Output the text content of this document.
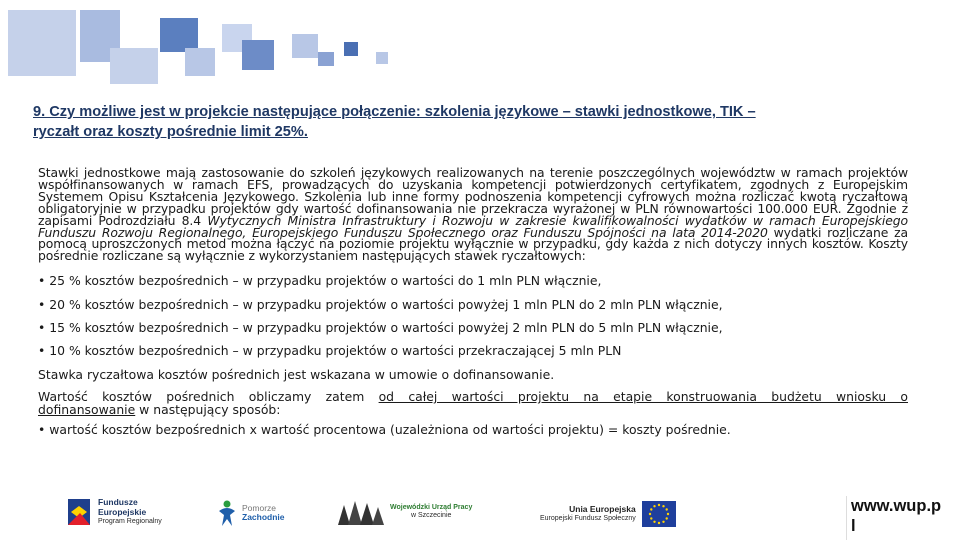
9. Czy możliwe jest w projekcie następujące połączenie: szkolenia językowe – stawki jednostkowe, TIK –
ryczałt oraz koszty pośrednie limit 25%.

Stawki jednostkowe mają zastosowanie do szkoleń językowych realizowanych na terenie poszczególnych województw w ramach projektów współfinansowanych w ramach EFS, prowadzących do uzyskania kompetencji potwierdzonych certyfikatem, zgodnych z Europejskim Systemem Opisu Kształcenia Językowego. Szkolenia lub inne formy podnoszenia kompetencji cyfrowych można rozliczać kwotą ryczałtową obligatoryjnie w przypadku projektów gdy wartość dofinansowania nie przekracza wyrażonej w PLN równowartości 100.000 EUR. Zgodnie z zapisami Podrozdziału 8.4 Wytycznych Ministra Infrastruktury i Rozwoju w zakresie kwalifikowalności wydatków w ramach Europejskiego Funduszu Rozwoju Regionalnego, Europejskiego Funduszu Społecznego oraz Funduszu Spójności na lata 2014-2020 wydatki rozliczane za pomocą uproszczonych metod można łączyć na poziomie projektu wyłącznie w przypadku, gdy każda z nich dotyczy innych kosztów. Koszty pośrednie rozliczane są wyłącznie z wykorzystaniem następujących stawek ryczałtowych:

• 25 % kosztów bezpośrednich – w przypadku projektów o wartości do 1 mln PLN włącznie,
• 20 % kosztów bezpośrednich – w przypadku projektów o wartości powyżej 1 mln PLN do 2 mln PLN włącznie,
• 15 % kosztów bezpośrednich – w przypadku projektów o wartości powyżej 2 mln PLN do 5 mln PLN włącznie,
• 10 % kosztów bezpośrednich – w przypadku projektów o wartości przekraczającej 5 mln PLN
Stawka ryczałtowa kosztów pośrednich jest wskazana w umowie o dofinansowanie.
Wartość kosztów pośrednich obliczamy zatem od całej wartości projektu na etapie konstruowania budżetu wniosku o
dofinansowanie w następujący sposób:
• wartość kosztów bezpośrednich x wartość procentowa (uzależniona od wartości projektu) = koszty pośrednie.
Fundusze
Europejskie
Program Regionalny
Pomorze
Zachodnie
Wojewódzki Urząd Pracy
w Szczecinie
Unia Europejska
Europejski Fundusz Społeczny
www.wup.p
l
